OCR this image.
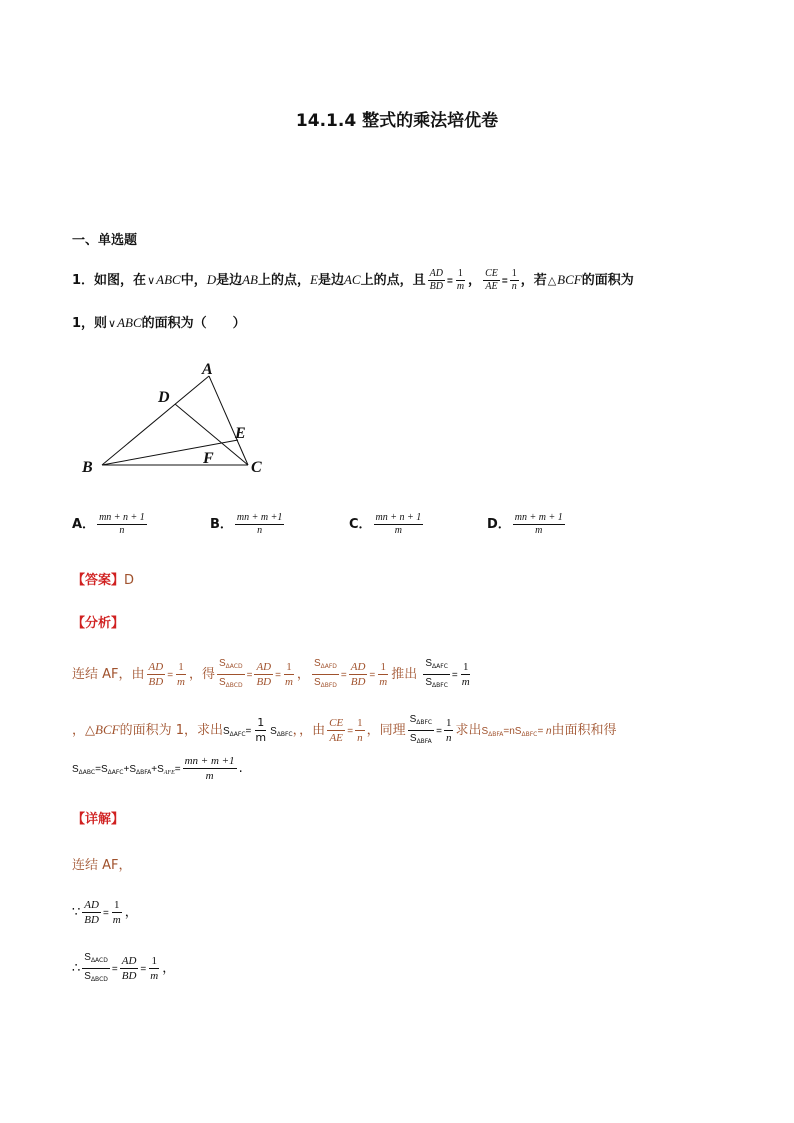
14.1.4 整式的乘法培优卷
一、单选题
1．如图，在∨ABC中，D是边AB上的点，E是边AC上的点，且 $\frac{AD}{BD} = \frac{1}{m}$ ， $\frac{CE}{AE} = \frac{1}{n}$ ，若△BCF的面积为
1，则∨ABC的面积为（　　）
A
B	C
D
E
F
A． $\frac{mn + n + 1}{n}$	B． $\frac{mn + m +1}{n}$	C． $\frac{mn + n + 1}{m}$	D． $\frac{mn + m + 1}{m}$
【答案】D
【分析】
连结 AF，由 $\frac{AD}{BD} = \frac{1}{m}$ ，得
$S_{\Delta ACD}$
$S_{\Delta BCD}$
= $\frac{AD}{BD} = \frac{1}{m}$ ，
$S_{\Delta AFD}$
$S_{\Delta BFD}$
= $\frac{AD}{BD} = \frac{1}{m}$ 推出
$S_{\Delta AFC}$
$S_{\Delta BFC}$
= $\frac{1}{m}$
，△BCF的面积为 1，求出$S_{\Delta AFC}= \frac{1}{m} S_{\Delta BFC}$，，由 $\frac{CE}{AE} = \frac{1}{n}$ ，同理
$S_{\Delta BFC}$
$S_{\Delta BFA}$
= $\frac{1}{n}$ 求出$S_{\Delta BFA}=nS_{\Delta BFC}= n$由面积和得
$S_{\Delta ABC}=S_{\Delta AFC}+S_{\Delta BFA}+S_{AFE}= \frac{mn + m +1}{m}$ .
【详解】
连结 AF，
∵ $\frac{AD}{BD} = \frac{1}{m}$ ，
∴
$S_{\Delta ACD}$
$S_{\Delta BCD}$
= $\frac{AD}{BD} = \frac{1}{m}$ ，
